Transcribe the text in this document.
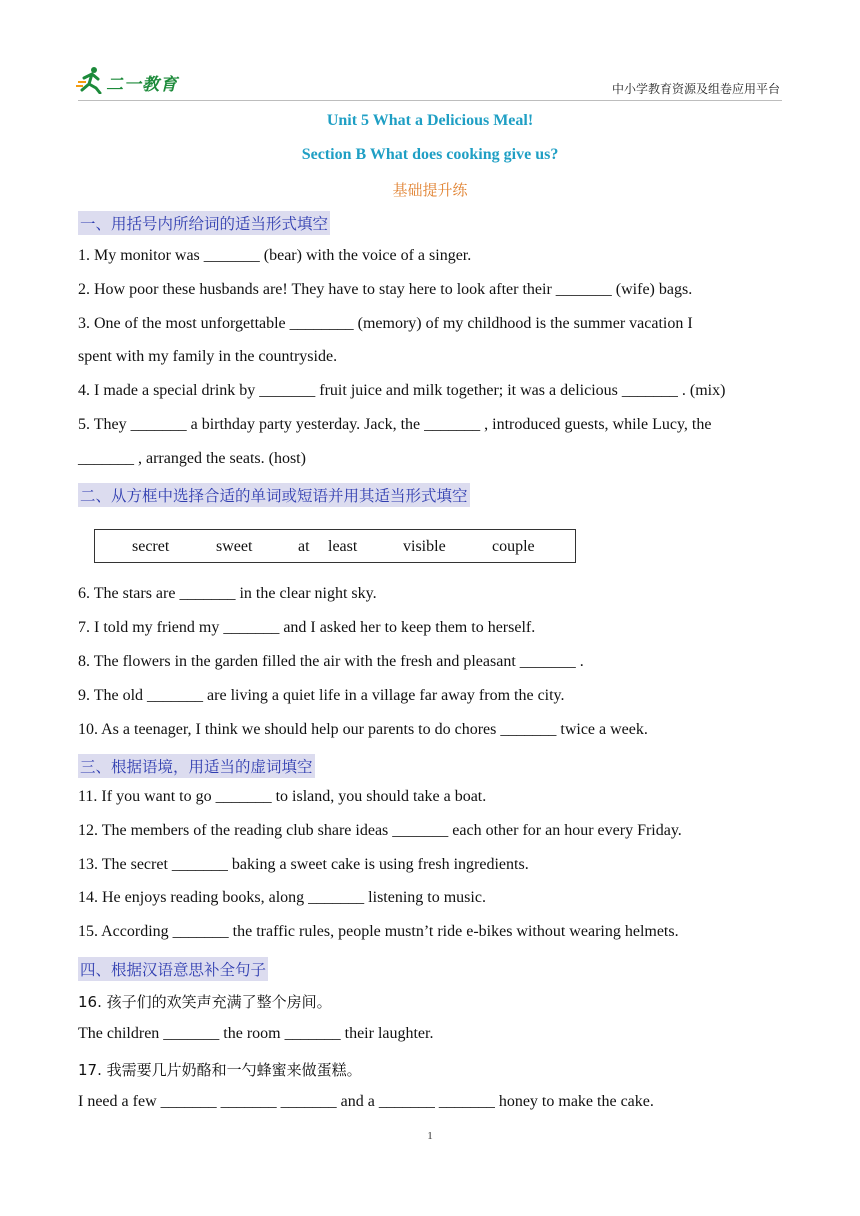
二一教育	中小学教育资源及组卷应用平台
Unit 5 What a Delicious Meal!
Section B What does cooking give us?
基础提升练
一、用括号内所给词的适当形式填空
1. My monitor was _______ (bear) with the voice of a singer.
2. How poor these husbands are! They have to stay here to look after their _______ (wife) bags.
3. One of the most unforgettable ________ (memory) of my childhood is the summer vacation I
spent with my family in the countryside.
4. I made a special drink by _______ fruit juice and milk together; it was a delicious _______ . (mix)
5. They _______ a birthday party yesterday. Jack, the _______ , introduced guests, while Lucy, the
_______ , arranged the seats. (host)
二、从方框中选择合适的单词或短语并用其适当形式填空
secret	sweet	at least	visible	couple
6. The stars are _______ in the clear night sky.
7. I told my friend my _______ and I asked her to keep them to herself.
8. The flowers in the garden filled the air with the fresh and pleasant _______ .
9. The old _______ are living a quiet life in a village far away from the city.
10. As a teenager, I think we should help our parents to do chores _______ twice a week.
三、根据语境，用适当的虚词填空
11. If you want to go _______ to island, you should take a boat.
12. The members of the reading club share ideas _______ each other for an hour every Friday.
13. The secret _______ baking a sweet cake is using fresh ingredients.
14. He enjoys reading books, along _______ listening to music.
15. According _______ the traffic rules, people mustn’t ride e-bikes without wearing helmets.
四、根据汉语意思补全句子
16. 孩子们的欢笑声充满了整个房间。
The children _______ the room _______ their laughter.
17. 我需要几片奶酪和一勺蜂蜜来做蛋糕。
I need a few _______ _______ _______ and a _______ _______ honey to make the cake.
1
